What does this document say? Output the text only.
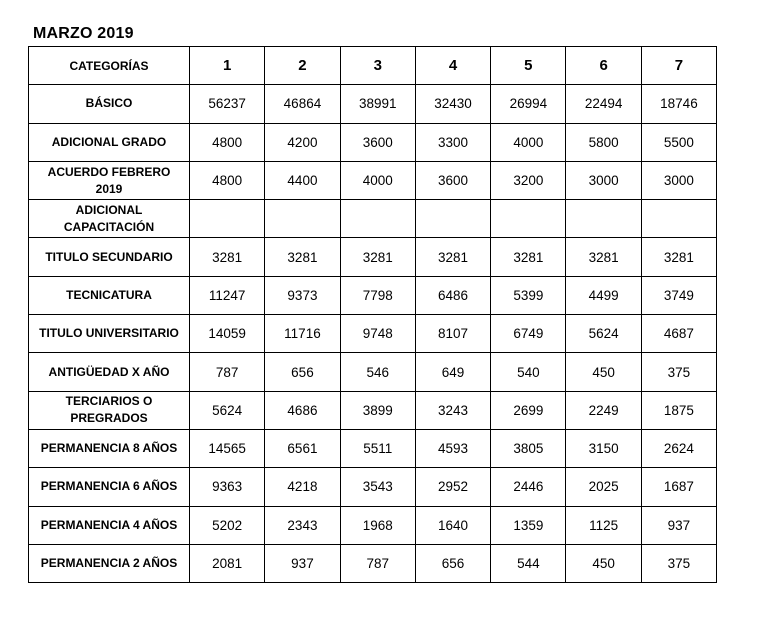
MARZO 2019
CATEGORÍAS	1	2	3	4	5	6	7
BÁSICO	56237	46864	38991	32430	26994	22494	18746
ADICIONAL GRADO	4800	4200	3600	3300	4000	5800	5500
ACUERDO FEBRERO 2019	4800	4400	4000	3600	3200	3000	3000
ADICIONAL CAPACITACIÓN							
TITULO SECUNDARIO	3281	3281	3281	3281	3281	3281	3281
TECNICATURA	11247	9373	7798	6486	5399	4499	3749
TITULO UNIVERSITARIO	14059	11716	9748	8107	6749	5624	4687
ANTIGÜEDAD X AÑO	787	656	546	649	540	450	375
TERCIARIOS O PREGRADOS	5624	4686	3899	3243	2699	2249	1875
PERMANENCIA 8 AÑOS	14565	6561	5511	4593	3805	3150	2624
PERMANENCIA 6 AÑOS	9363	4218	3543	2952	2446	2025	1687
PERMANENCIA 4 AÑOS	5202	2343	1968	1640	1359	1125	937
PERMANENCIA 2 AÑOS	2081	937	787	656	544	450	375
